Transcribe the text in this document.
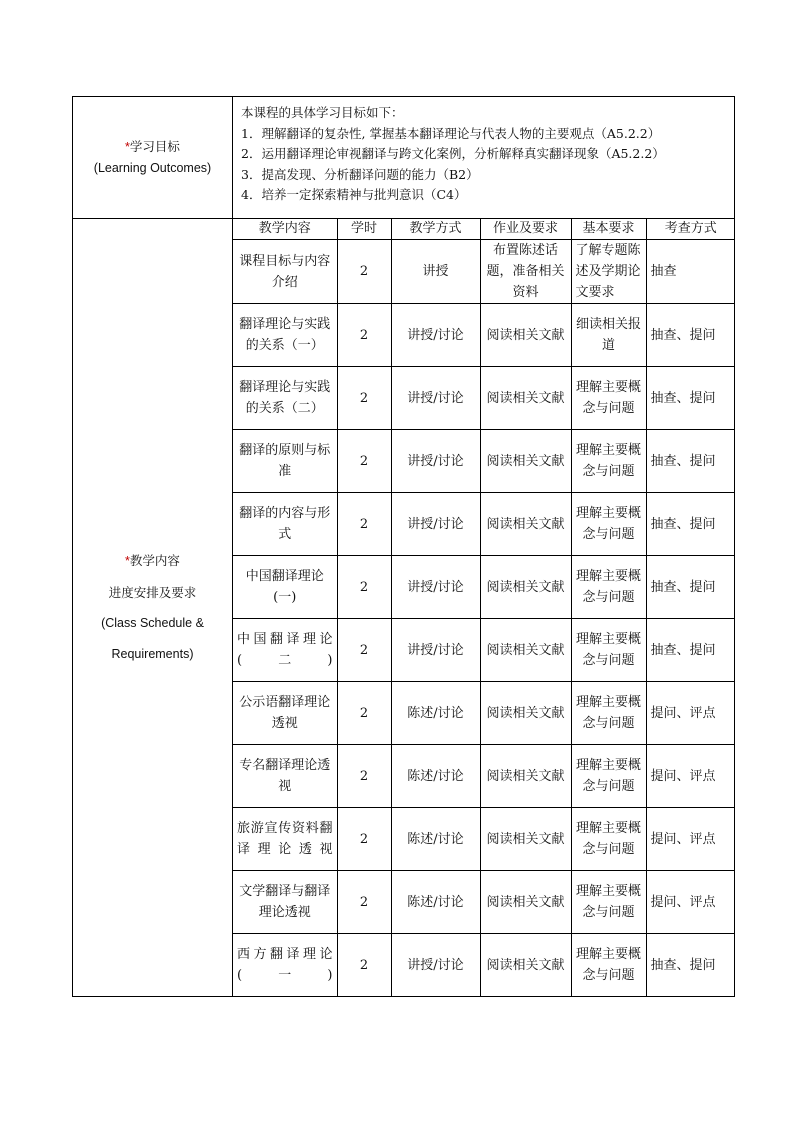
*学习目标
(Learning Outcomes)

本课程的具体学习目标如下：
1．理解翻译的复杂性, 掌握基本翻译理论与代表人物的主要观点（A5.2.2）
2．运用翻译理论审视翻译与跨文化案例，分析解释真实翻译现象（A5.2.2）
3．提高发现、分析翻译问题的能力（B2）
4．培养一定探索精神与批判意识（C4）

*教学内容
进度安排及要求
(Class Schedule &
Requirements)

教学内容	学时	教学方式	作业及要求	基本要求	考查方式
课程目标与内容介绍	2	讲授	布置陈述话题，准备相关资料	了解专题陈述及学期论文要求	抽查
翻译理论与实践的关系（一）	2	讲授/讨论	阅读相关文献	细读相关报道	抽查、提问
翻译理论与实践的关系（二）	2	讲授/讨论	阅读相关文献	理解主要概念与问题	抽查、提问
翻译的原则与标准	2	讲授/讨论	阅读相关文献	理解主要概念与问题	抽查、提问
翻译的内容与形式	2	讲授/讨论	阅读相关文献	理解主要概念与问题	抽查、提问
中国翻译理论(一)	2	讲授/讨论	阅读相关文献	理解主要概念与问题	抽查、提问
中国翻译理论(二)	2	讲授/讨论	阅读相关文献	理解主要概念与问题	抽查、提问
公示语翻译理论透视	2	陈述/讨论	阅读相关文献	理解主要概念与问题	提问、评点
专名翻译理论透视	2	陈述/讨论	阅读相关文献	理解主要概念与问题	提问、评点
旅游宣传资料翻译理论透视	2	陈述/讨论	阅读相关文献	理解主要概念与问题	提问、评点
文学翻译与翻译理论透视	2	陈述/讨论	阅读相关文献	理解主要概念与问题	提问、评点
西方翻译理论(一)	2	讲授/讨论	阅读相关文献	理解主要概念与问题	抽查、提问
